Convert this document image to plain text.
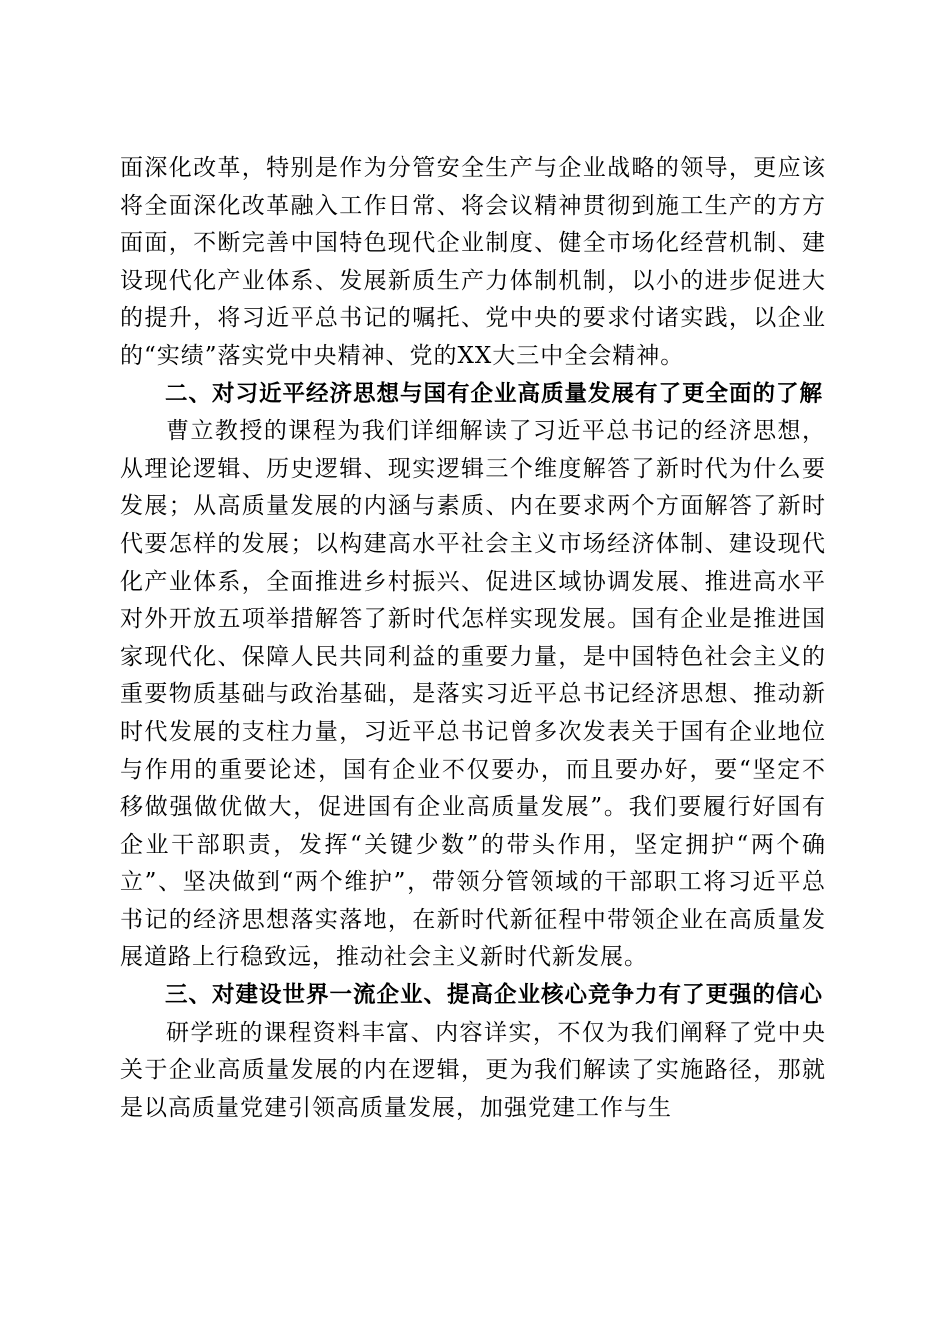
面深化改革，特别是作为分管安全生产与企业战略的领导，更应该将全面深化改革融入工作日常、将会议精神贯彻到施工生产的方方面面，不断完善中国特色现代企业制度、健全市场化经营机制、建设现代化产业体系、发展新质生产力体制机制，以小的进步促进大的提升，将习近平总书记的嘱托、党中央的要求付诸实践，以企业的“实绩”落实党中央精神、党的XX大三中全会精神。

二、对习近平经济思想与国有企业高质量发展有了更全面的了解

曹立教授的课程为我们详细解读了习近平总书记的经济思想，从理论逻辑、历史逻辑、现实逻辑三个维度解答了新时代为什么要发展；从高质量发展的内涵与素质、内在要求两个方面解答了新时代要怎样的发展；以构建高水平社会主义市场经济体制、建设现代化产业体系，全面推进乡村振兴、促进区域协调发展、推进高水平对外开放五项举措解答了新时代怎样实现发展。国有企业是推进国家现代化、保障人民共同利益的重要力量，是中国特色社会主义的重要物质基础与政治基础，是落实习近平总书记经济思想、推动新时代发展的支柱力量，习近平总书记曾多次发表关于国有企业地位与作用的重要论述，国有企业不仅要办，而且要办好，要“坚定不移做强做优做大，促进国有企业高质量发展”。我们要履行好国有企业干部职责，发挥“关键少数”的带头作用，坚定拥护“两个确立”、坚决做到“两个维护”，带领分管领域的干部职工将习近平总书记的经济思想落实落地，在新时代新征程中带领企业在高质量发展道路上行稳致远，推动社会主义新时代新发展。

三、对建设世界一流企业、提高企业核心竞争力有了更强的信心

研学班的课程资料丰富、内容详实，不仅为我们阐释了党中央关于企业高质量发展的内在逻辑，更为我们解读了实施路径，那就是以高质量党建引领高质量发展，加强党建工作与生
